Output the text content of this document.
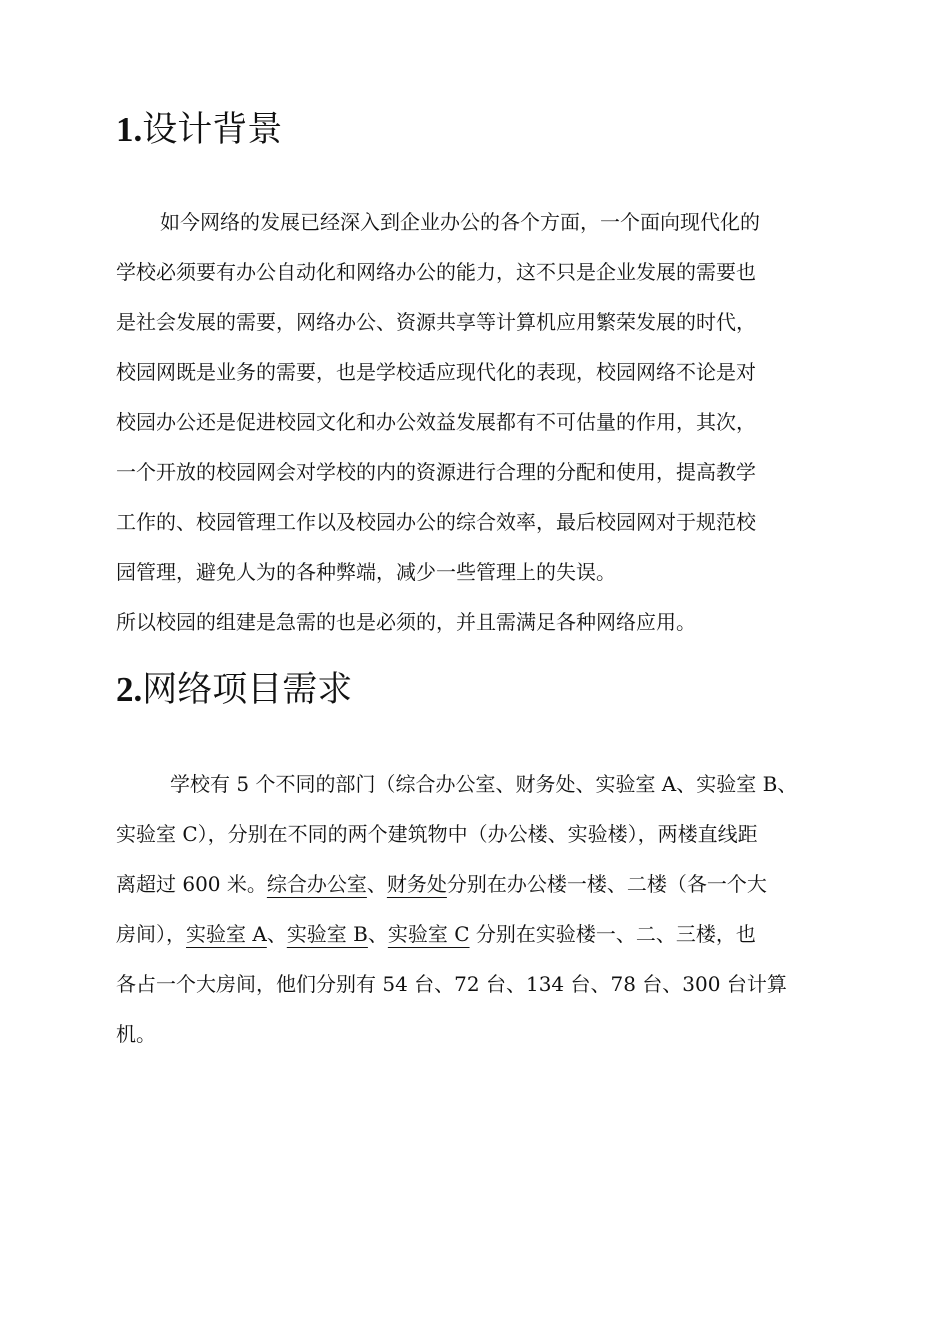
1.设计背景
如今网络的发展已经深入到企业办公的各个方面，一个面向现代化的
学校必须要有办公自动化和网络办公的能力，这不只是企业发展的需要也
是社会发展的需要，网络办公、资源共享等计算机应用繁荣发展的时代，
校园网既是业务的需要，也是学校适应现代化的表现，校园网络不论是对
校园办公还是促进校园文化和办公效益发展都有不可估量的作用，其次，
一个开放的校园网会对学校的内的资源进行合理的分配和使用，提高教学
工作的、校园管理工作以及校园办公的综合效率，最后校园网对于规范校
园管理，避免人为的各种弊端，减少一些管理上的失误。
所以校园的组建是急需的也是必须的，并且需满足各种网络应用。
2.网络项目需求
学校有 5 个不同的部门（综合办公室、财务处、实验室 A、实验室 B、
实验室 C），分别在不同的两个建筑物中（办公楼、实验楼），两楼直线距
离超过 600 米。综合办公室、财务处分别在办公楼一楼、二楼（各一个大
房间），实验室 A、实验室 B、实验室 C 分别在实验楼一、二、三楼，也
各占一个大房间，他们分别有 54 台、72 台、134 台、78 台、300 台计算
机。
